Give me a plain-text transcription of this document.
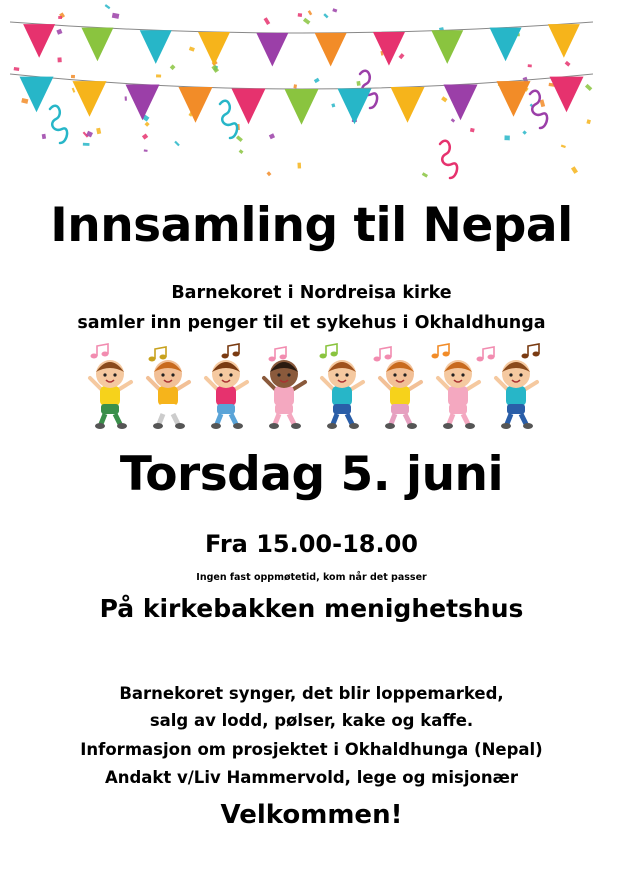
Innsamling til Nepal
Barnekoret i Nordreisa kirke
samler inn penger til et sykehus i Okhaldhunga
Torsdag 5. juni
Fra 15.00-18.00
Ingen fast oppmøtetid, kom når det passer
På kirkebakken menighetshus
Barnekoret synger, det blir loppemarked,
salg av lodd, pølser, kake og kaffe.
Informasjon om prosjektet i Okhaldhunga (Nepal)
Andakt v/Liv Hammervold, lege og misjonær
Velkommen!
